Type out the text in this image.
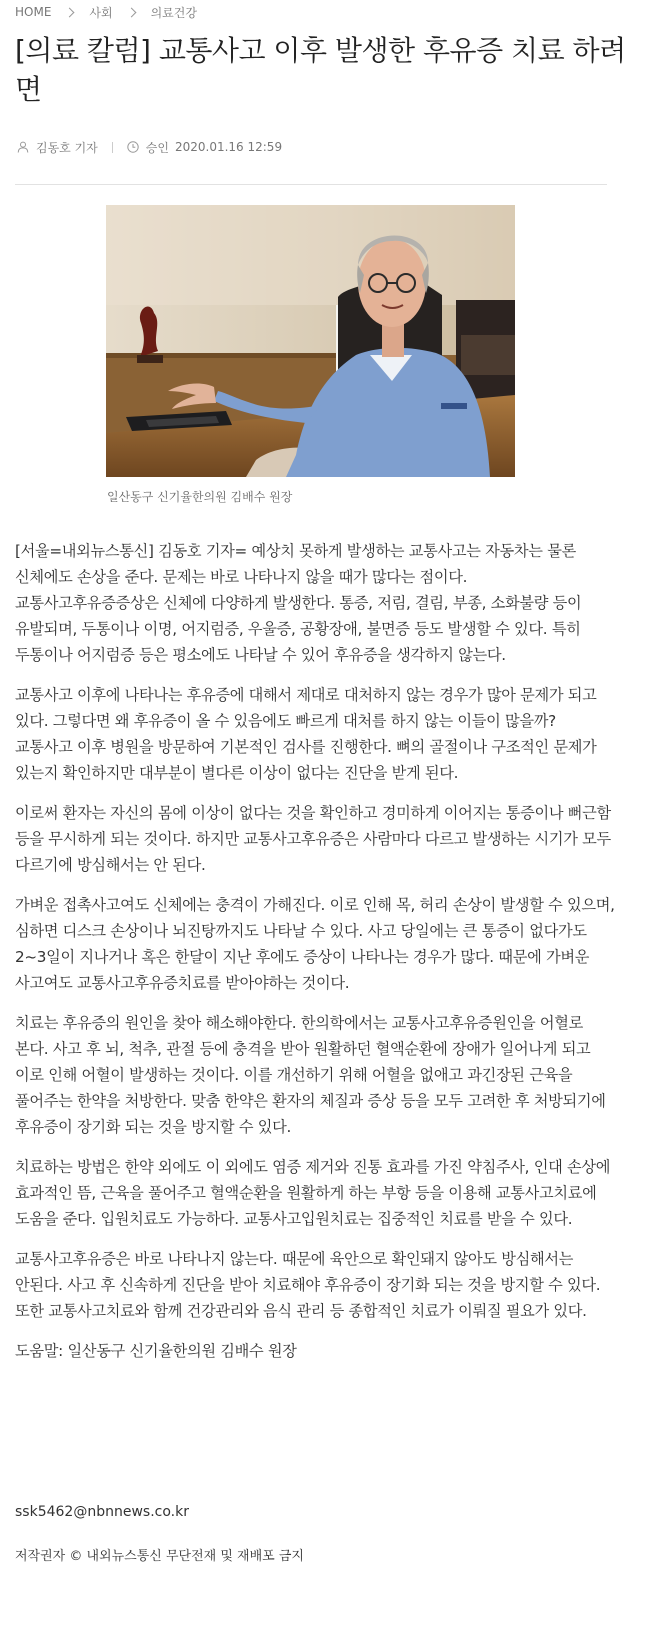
HOME	사회	의료건강
[의료 칼럼] 교통사고 이후 발생한 후유증 치료 하려면
김동호 기자	승인 2020.01.16 12:59
일산동구 신기율한의원 김배수 원장

[서울=내외뉴스통신] 김동호 기자= 예상치 못하게 발생하는 교통사고는 자동차는 물론 신체에도 손상을 준다. 문제는 바로 나타나지 않을 때가 많다는 점이다. 교통사고후유증증상은 신체에 다양하게 발생한다. 통증, 저림, 결림, 부종, 소화불량 등이 유발되며, 두통이나 이명, 어지럼증, 우울증, 공황장애, 불면증 등도 발생할 수 있다. 특히 두통이나 어지럼증 등은 평소에도 나타날 수 있어 후유증을 생각하지 않는다.

교통사고 이후에 나타나는 후유증에 대해서 제대로 대처하지 않는 경우가 많아 문제가 되고 있다. 그렇다면 왜 후유증이 올 수 있음에도 빠르게 대처를 하지 않는 이들이 많을까? 교통사고 이후 병원을 방문하여 기본적인 검사를 진행한다. 뼈의 골절이나 구조적인 문제가 있는지 확인하지만 대부분이 별다른 이상이 없다는 진단을 받게 된다.

이로써 환자는 자신의 몸에 이상이 없다는 것을 확인하고 경미하게 이어지는 통증이나 뻐근함 등을 무시하게 되는 것이다. 하지만 교통사고후유증은 사람마다 다르고 발생하는 시기가 모두 다르기에 방심해서는 안 된다.

가벼운 접촉사고여도 신체에는 충격이 가해진다. 이로 인해 목, 허리 손상이 발생할 수 있으며, 심하면 디스크 손상이나 뇌진탕까지도 나타날 수 있다. 사고 당일에는 큰 통증이 없다가도 2~3일이 지나거나 혹은 한달이 지난 후에도 증상이 나타나는 경우가 많다. 때문에 가벼운 사고여도 교통사고후유증치료를 받아야하는 것이다.

치료는 후유증의 원인을 찾아 해소해야한다. 한의학에서는 교통사고후유증원인을 어혈로 본다. 사고 후 뇌, 척추, 관절 등에 충격을 받아 원활하던 혈액순환에 장애가 일어나게 되고 이로 인해 어혈이 발생하는 것이다. 이를 개선하기 위해 어혈을 없애고 과긴장된 근육을 풀어주는 한약을 처방한다. 맞춤 한약은 환자의 체질과 증상 등을 모두 고려한 후 처방되기에 후유증이 장기화 되는 것을 방지할 수 있다.

치료하는 방법은 한약 외에도 이 외에도 염증 제거와 진통 효과를 가진 약침주사, 인대 손상에 효과적인 뜸, 근육을 풀어주고 혈액순환을 원활하게 하는 부항 등을 이용해 교통사고치료에 도움을 준다. 입원치료도 가능하다. 교통사고입원치료는 집중적인 치료를 받을 수 있다.

교통사고후유증은 바로 나타나지 않는다. 때문에 육안으로 확인돼지 않아도 방심해서는 안된다. 사고 후 신속하게 진단을 받아 치료해야 후유증이 장기화 되는 것을 방지할 수 있다. 또한 교통사고치료와 함께 건강관리와 음식 관리 등 종합적인 치료가 이뤄질 필요가 있다.

도움말: 일산동구 신기율한의원 김배수 원장

ssk5462@nbnnews.co.kr
저작권자 © 내외뉴스통신 무단전재 및 재배포 금지
